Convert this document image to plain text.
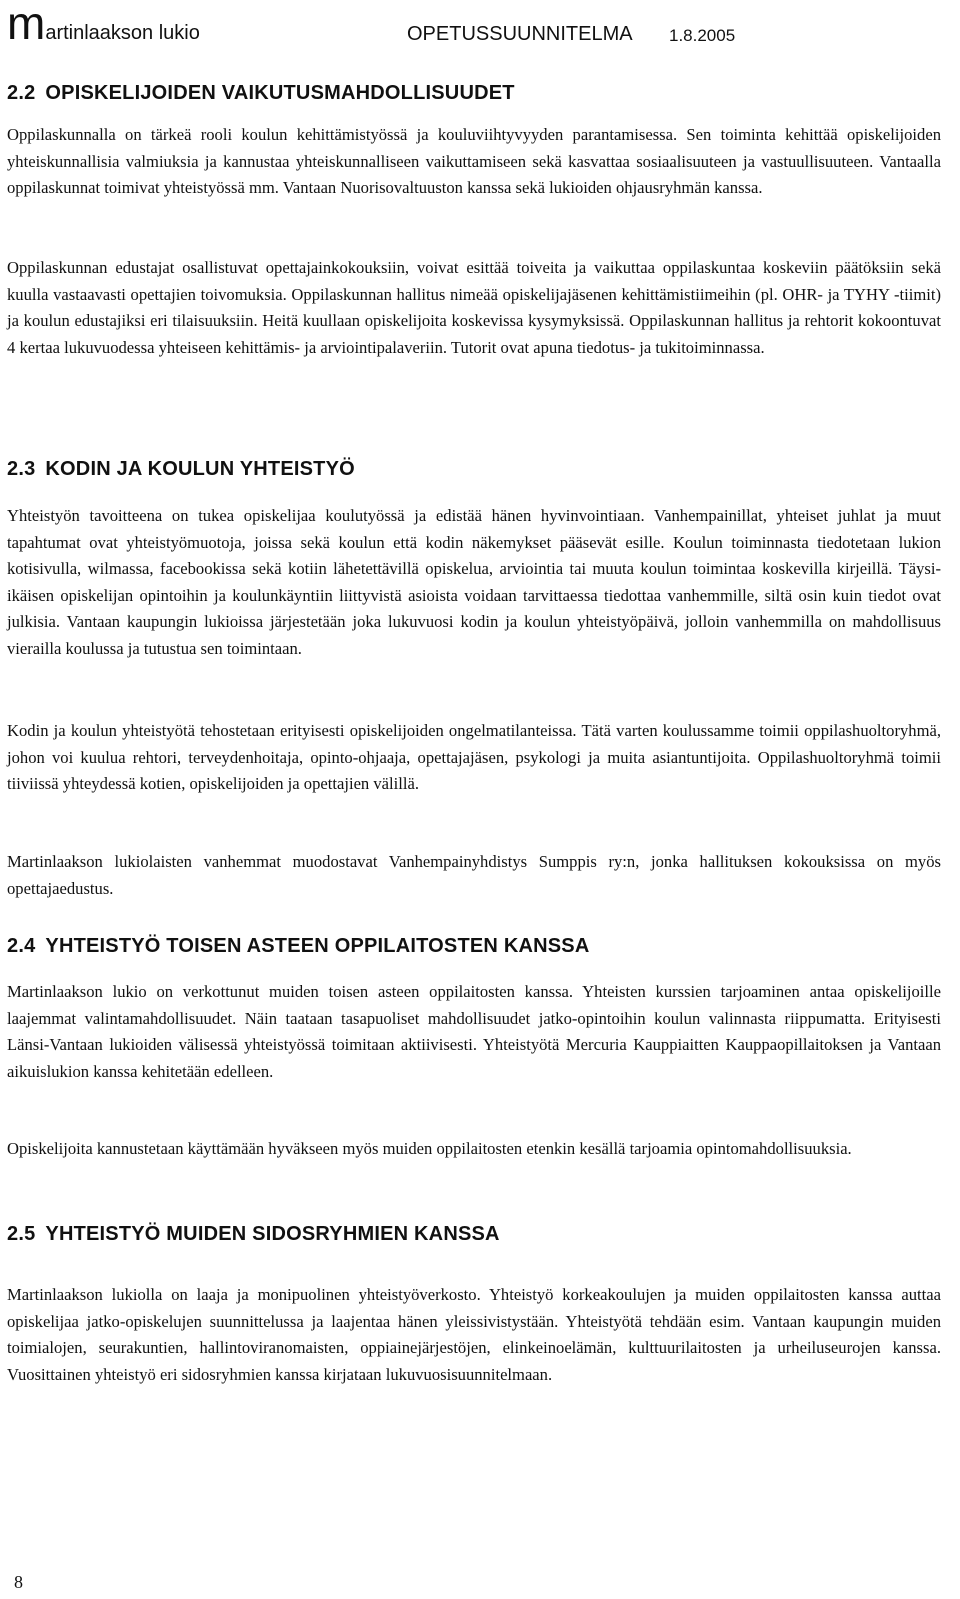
martinlaakson lukio	OPETUSSUUNNITELMA 1.8.2005
2.2 OPISKELIJOIDEN VAIKUTUSMAHDOLLISUUDET

Oppilaskunnalla on tärkeä rooli koulun kehittämistyössä ja kouluviihtyvyyden parantamisessa. Sen toiminta kehittää opiskelijoiden yhteiskunnallisia valmiuksia ja kannustaa yhteiskunnalliseen vaikuttamiseen sekä kasvattaa sosiaalisuuteen ja vastuullisuuteen. Vantaalla oppilaskunnat toimivat yhteistyössä mm. Vantaan Nuorisovaltuuston kanssa sekä lukioiden ohjausryhmän kanssa.

Oppilaskunnan edustajat osallistuvat opettajainkokouksiin, voivat esittää toiveita ja vaikuttaa oppilaskuntaa koskeviin päätöksiin sekä kuulla vastaavasti opettajien toivomuksia. Oppilaskunnan hallitus nimeää opiskelijajäsenen kehittämistiimeihin (pl. OHR- ja TYHY -tiimit) ja koulun edustajiksi eri tilaisuuksiin. Heitä kuullaan opiskelijoita koskevissa kysymyksissä. Oppilaskunnan hallitus ja rehtorit kokoontuvat 4 kertaa lukuvuodessa yhteiseen kehittämis- ja arviointipalaveriin. Tutorit ovat apuna tiedotus- ja tukitoiminnassa.

2.3 KODIN JA KOULUN YHTEISTYÖ

Yhteistyön tavoitteena on tukea opiskelijaa koulutyössä ja edistää hänen hyvinvointiaan. Vanhempainillat, yhteiset juhlat ja muut tapahtumat ovat yhteistyömuotoja, joissa sekä koulun että kodin näkemykset pääsevät esille. Koulun toiminnasta tiedotetaan lukion kotisivulla, wilmassa, facebookissa sekä kotiin lähetettävillä opiskelua, arviointia tai muuta koulun toimintaa koskevilla kirjeillä. Täysi-ikäisen opiskelijan opintoihin ja koulunkäyntiin liittyvistä asioista voidaan tarvittaessa tiedottaa vanhemmille, siltä osin kuin tiedot ovat julkisia. Vantaan kaupungin lukioissa järjestetään joka lukuvuosi kodin ja koulun yhteistyöpäivä, jolloin vanhemmilla on mahdollisuus vierailla koulussa ja tutustua sen toimintaan.

Kodin ja koulun yhteistyötä tehostetaan erityisesti opiskelijoiden ongelmatilanteissa. Tätä varten koulussamme toimii oppilashuoltoryhmä, johon voi kuulua rehtori, terveydenhoitaja, opinto-ohjaaja, opettajajäsen, psykologi ja muita asiantuntijoita. Oppilashuoltoryhmä toimii tiiviissä yhteydessä kotien, opiskelijoiden ja opettajien välillä.

Martinlaakson lukiolaisten vanhemmat muodostavat Vanhempainyhdistys Sumppis ry:n, jonka hallituksen kokouksissa on myös opettajaedustus.

2.4 YHTEISTYÖ TOISEN ASTEEN OPPILAITOSTEN KANSSA

Martinlaakson lukio on verkottunut muiden toisen asteen oppilaitosten kanssa. Yhteisten kurssien tarjoaminen antaa opiskelijoille laajemmat valintamahdollisuudet. Näin taataan tasapuoliset mahdollisuudet jatko-opintoihin koulun valinnasta riippumatta. Erityisesti Länsi-Vantaan lukioiden välisessä yhteistyössä toimitaan aktiivisesti. Yhteistyötä Mercuria Kauppiaitten Kauppaopillaitoksen ja Vantaan aikuislukion kanssa kehitetään edelleen.

Opiskelijoita kannustetaan käyttämään hyväkseen myös muiden oppilaitosten etenkin kesällä tarjoamia opintomahdollisuuksia.

2.5 YHTEISTYÖ MUIDEN SIDOSRYHMIEN KANSSA

Martinlaakson lukiolla on laaja ja monipuolinen yhteistyöverkosto. Yhteistyö korkeakoulujen ja muiden oppilaitosten kanssa auttaa opiskelijaa jatko-opiskelujen suunnittelussa ja laajentaa hänen yleissivistystään. Yhteistyötä tehdään esim. Vantaan kaupungin muiden toimialojen, seurakuntien, hallintoviranomaisten, oppiainejärjestöjen, elinkeinoelämän, kulttuurilaitosten ja urheiluseurojen kanssa. Vuosittainen yhteistyö eri sidosryhmien kanssa kirjataan lukuvuosisuunnitelmaan.

8
